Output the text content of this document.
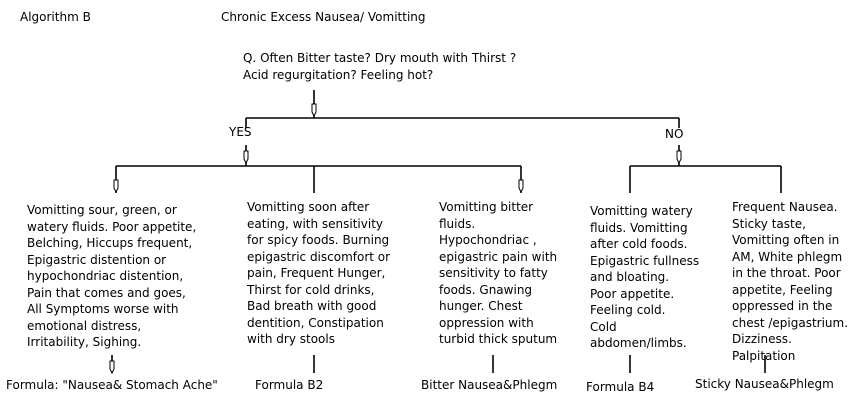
Algorithm B	Chronic Excess Nausea/ Vomitting
Q. Often Bitter taste? Dry mouth with Thirst ?
Acid regurgitation? Feeling hot?
YES	NO
Vomitting sour, green, or
watery fluids. Poor appetite,
Belching, Hiccups frequent,
Epigastric distention or
hypochondriac distention,
Pain that comes and goes,
All Symptoms worse with
emotional distress,
Irritability, Sighing.
Vomitting soon after
eating, with sensitivity
for spicy foods. Burning
epigastric discomfort or
pain, Frequent Hunger,
Thirst for cold drinks,
Bad breath with good
dentition, Constipation
with dry stools
Vomitting bitter
fluids.
Hypochondriac ,
epigastric pain with
sensitivity to fatty
foods. Gnawing
hunger. Chest
oppression with
turbid thick sputum
Vomitting watery
fluids. Vomitting
after cold foods.
Epigastric fullness
and bloating.
Poor appetite.
Feeling cold.
Cold
abdomen/limbs.
Frequent Nausea.
Sticky taste,
Vomitting often in
AM, White phlegm
in the throat. Poor
appetite, Feeling
oppressed in the
chest /epigastrium.
Dizziness. Palpitation
Formula: "Nausea& Stomach Ache"	Formula B2	Bitter Nausea&Phlegm Formula B4	Sticky Nausea&Phlegm
